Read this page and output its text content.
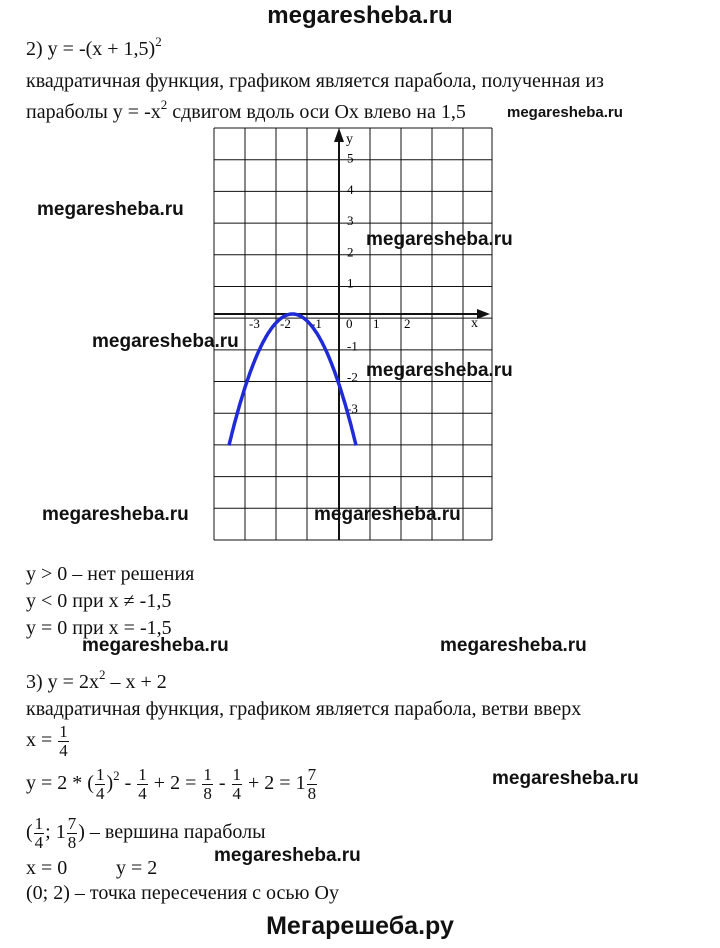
megaresheba.ru
2) $y = -(x + 1,5)^2$
квадратичная функция, графиком является парабола, полученная из
параболы $y = -x^2$ сдвигом вдоль оси Ox влево на 1,5	megaresheba.ru
y
x
0
5
4
3
2
1
-1
-2
-3
-3 -2 -1	1 2
megaresheba.ru
megaresheba.ru
megaresheba.ru
megaresheba.ru
megaresheba.ru	megaresheba.ru
y > 0 – нет решения
y < 0 при x ≠ -1,5
y = 0 при x = -1,5
megaresheba.ru	megaresheba.ru
3) $y = 2x^2 - x + 2$
квадратичная функция, графиком является парабола, ветви вверх
$x = \frac{1}{4}$
y = 2 * ( $\frac{1}{4} )^2 - \frac{1}{4} + 2 = \frac{1}{8} - \frac{1}{4} + 2 = 1 \frac{7}{8}$	megaresheba.ru
( $\frac{1}{4}$ ; $1 \frac{7}{8}$ ) – вершина параболы
megaresheba.ru
x = 0 y = 2
(0; 2) – точка пересечения с осью Oy
Мегарешеба.ру
